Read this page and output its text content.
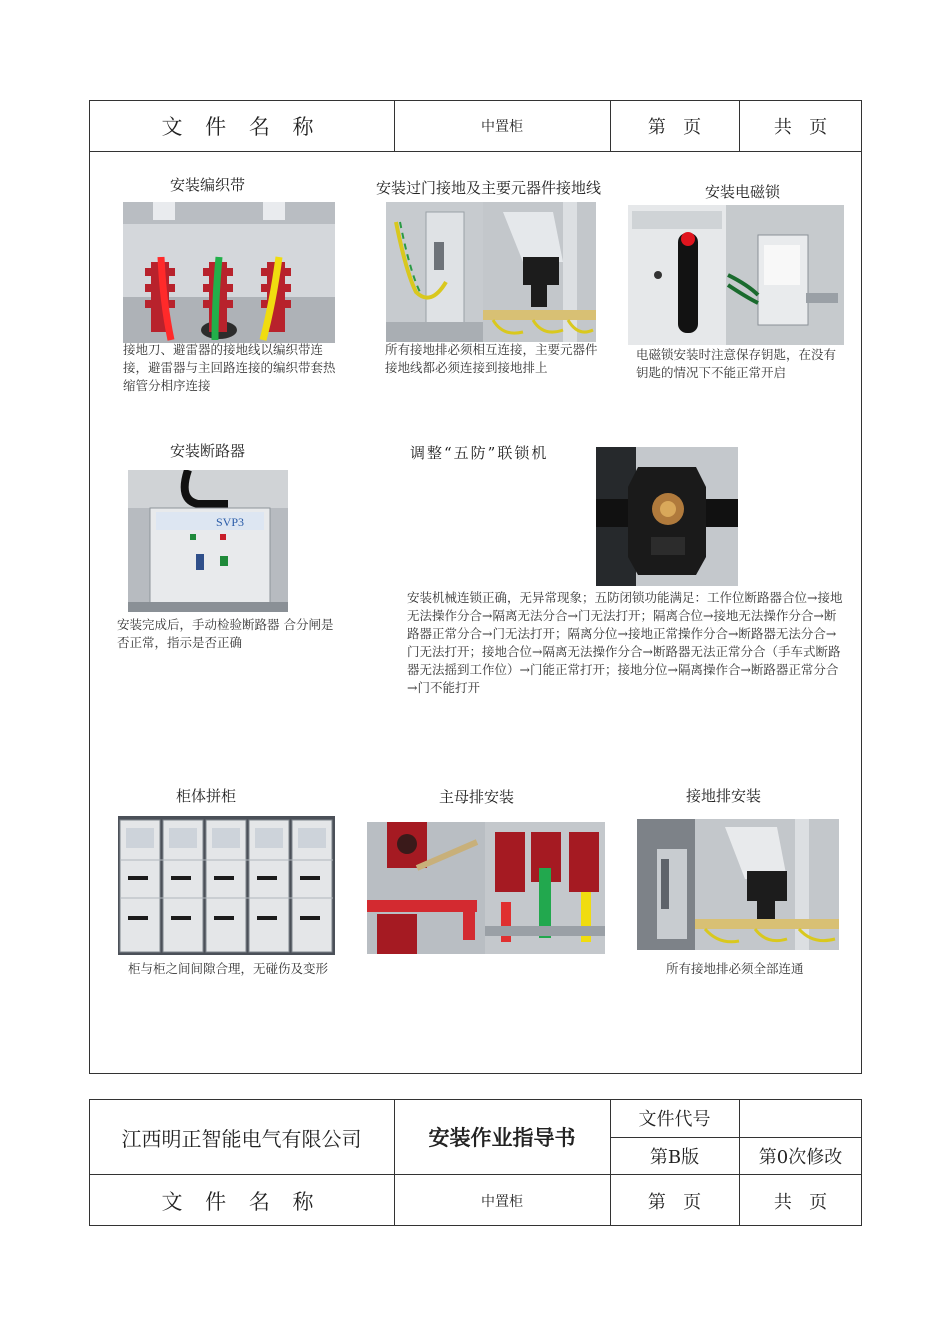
文 件 名 称	中置柜	第   页	共   页
安装编织带
接地刀、避雷器的接地线以编织带连接，避雷器与主回路连接的编织带套热缩管分相序连接
安装过门接地及主要元器件接地线
所有接地排必须相互连接，主要元器件接地线都必须连接到接地排上
安装电磁锁
电磁锁安装时注意保存钥匙，在没有钥匙的情况下不能正常开启
安装断路器
SVP3
安装完成后，手动检验断路器 合分闸是否正常，指示是否正确
调整“五防”联锁机
安装机械连锁正确，无异常现象；五防闭锁功能满足：工作位断路器合位→接地无法操作分合→隔离无法分合→门无法打开；隔离合位→接地无法操作分合→断路器正常分合→门无法打开；隔离分位→接地正常操作分合→断路器无法分合→门无法打开；接地合位→隔离无法操作分合→断路器无法正常分合（手车式断路器无法摇到工作位）→门能正常打开；接地分位→隔离操作合→断路器正常分合→门不能打开
柜体拼柜
柜与柜之间间隙合理，无碰伤及变形
主母排安装	接地排安装
所有接地排必须全部连通
江西明正智能电气有限公司	安装作业指导书
文件代号
第B版	第0次修改
文 件 名 称	中置柜	第   页	共   页
